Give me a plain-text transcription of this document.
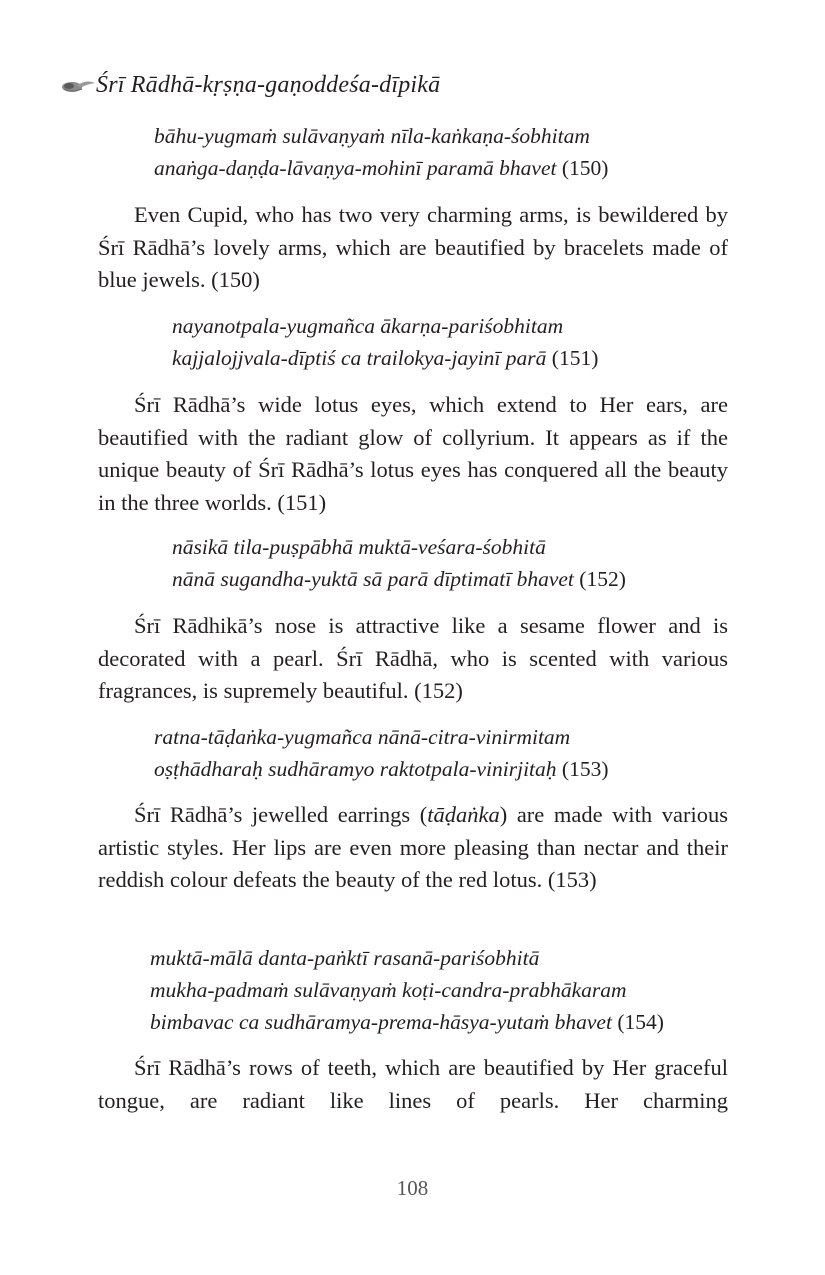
Śrī Rādhā-kṛṣṇa-gaṇoddeśa-dīpikā
bāhu-yugmaṁ sulāvaṇyaṁ nīla-kaṅkaṇa-śobhitam
anaṅga-daṇḍa-lāvaṇya-mohinī paramā bhavet (150)
Even Cupid, who has two very charming arms, is bewildered by Śrī Rādhā’s lovely arms, which are beautified by bracelets made of blue jewels. (150)
nayanotpala-yugmañca ākarṇa-pariśobhitam
kajjalojjvala-dīptiś ca trailokya-jayinī parā (151)
Śrī Rādhā’s wide lotus eyes, which extend to Her ears, are beautified with the radiant glow of collyrium. It appears as if the unique beauty of Śrī Rādhā’s lotus eyes has conquered all the beauty in the three worlds. (151)
nāsikā tila-puṣpābhā muktā-veśara-śobhitā
nānā sugandha-yuktā sā parā dīptimatī bhavet (152)
Śrī Rādhikā’s nose is attractive like a sesame flower and is decorated with a pearl. Śrī Rādhā, who is scented with various fragrances, is supremely beautiful. (152)
ratna-tāḍaṅka-yugmañca nānā-citra-vinirmitam
oṣṭhādharaḥ sudhāramyo raktotpala-vinirjitaḥ (153)
Śrī Rādhā’s jewelled earrings (tāḍaṅka) are made with various artistic styles. Her lips are even more pleasing than nectar and their reddish colour defeats the beauty of the red lotus. (153)
muktā-mālā danta-paṅktī rasanā-pariśobhitā
mukha-padmaṁ sulāvaṇyaṁ koṭi-candra-prabhākaram
bimbavac ca sudhāramya-prema-hāsya-yutaṁ bhavet (154)
Śrī Rādhā’s rows of teeth, which are beautified by Her graceful tongue, are radiant like lines of pearls. Her charming
108
